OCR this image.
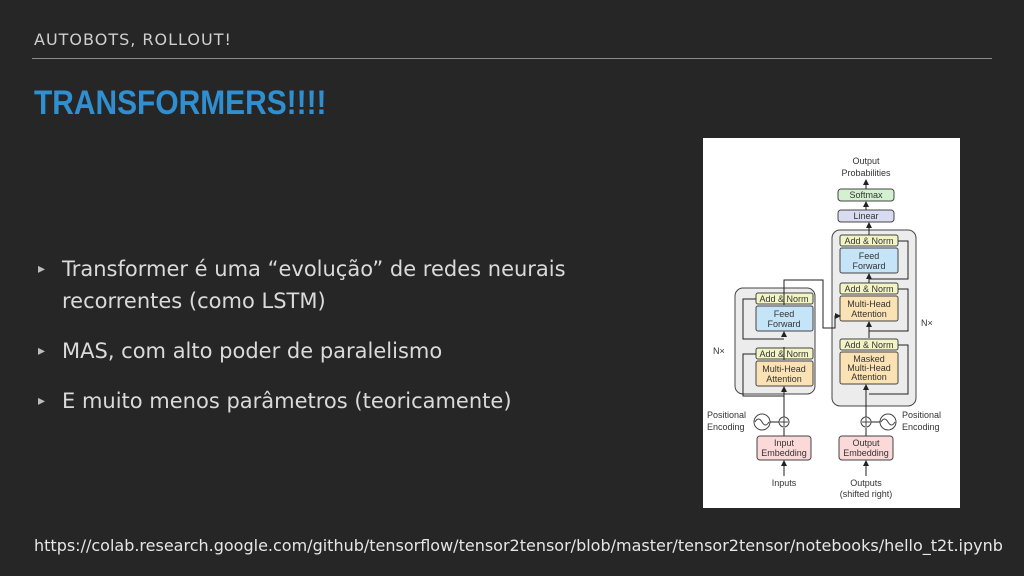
AUTOBOTS, ROLLOUT!
TRANSFORMERS!!!!
▸ Transformer é uma “evolução” de redes neurais recorrentes (como LSTM)
▸ MAS, com alto poder de paralelismo
▸ E muito menos parâmetros (teoricamente)
Output
Probabilities
Softmax
Linear
Add & Norm
Feed
Forward
Add & Norm
Multi-Head
Attention
Add & Norm
Masked
Multi-Head
Attention
Add & Norm
Feed
Forward
Add & Norm
Multi-Head
Attention
N×
N×
Positional
Encoding
Positional
Encoding
Input
Embedding
Output
Embedding
Inputs	Outputs
(shifted right)
https://colab.research.google.com/github/tensorflow/tensor2tensor/blob/master/tensor2tensor/notebooks/hello_t2t.ipynb
